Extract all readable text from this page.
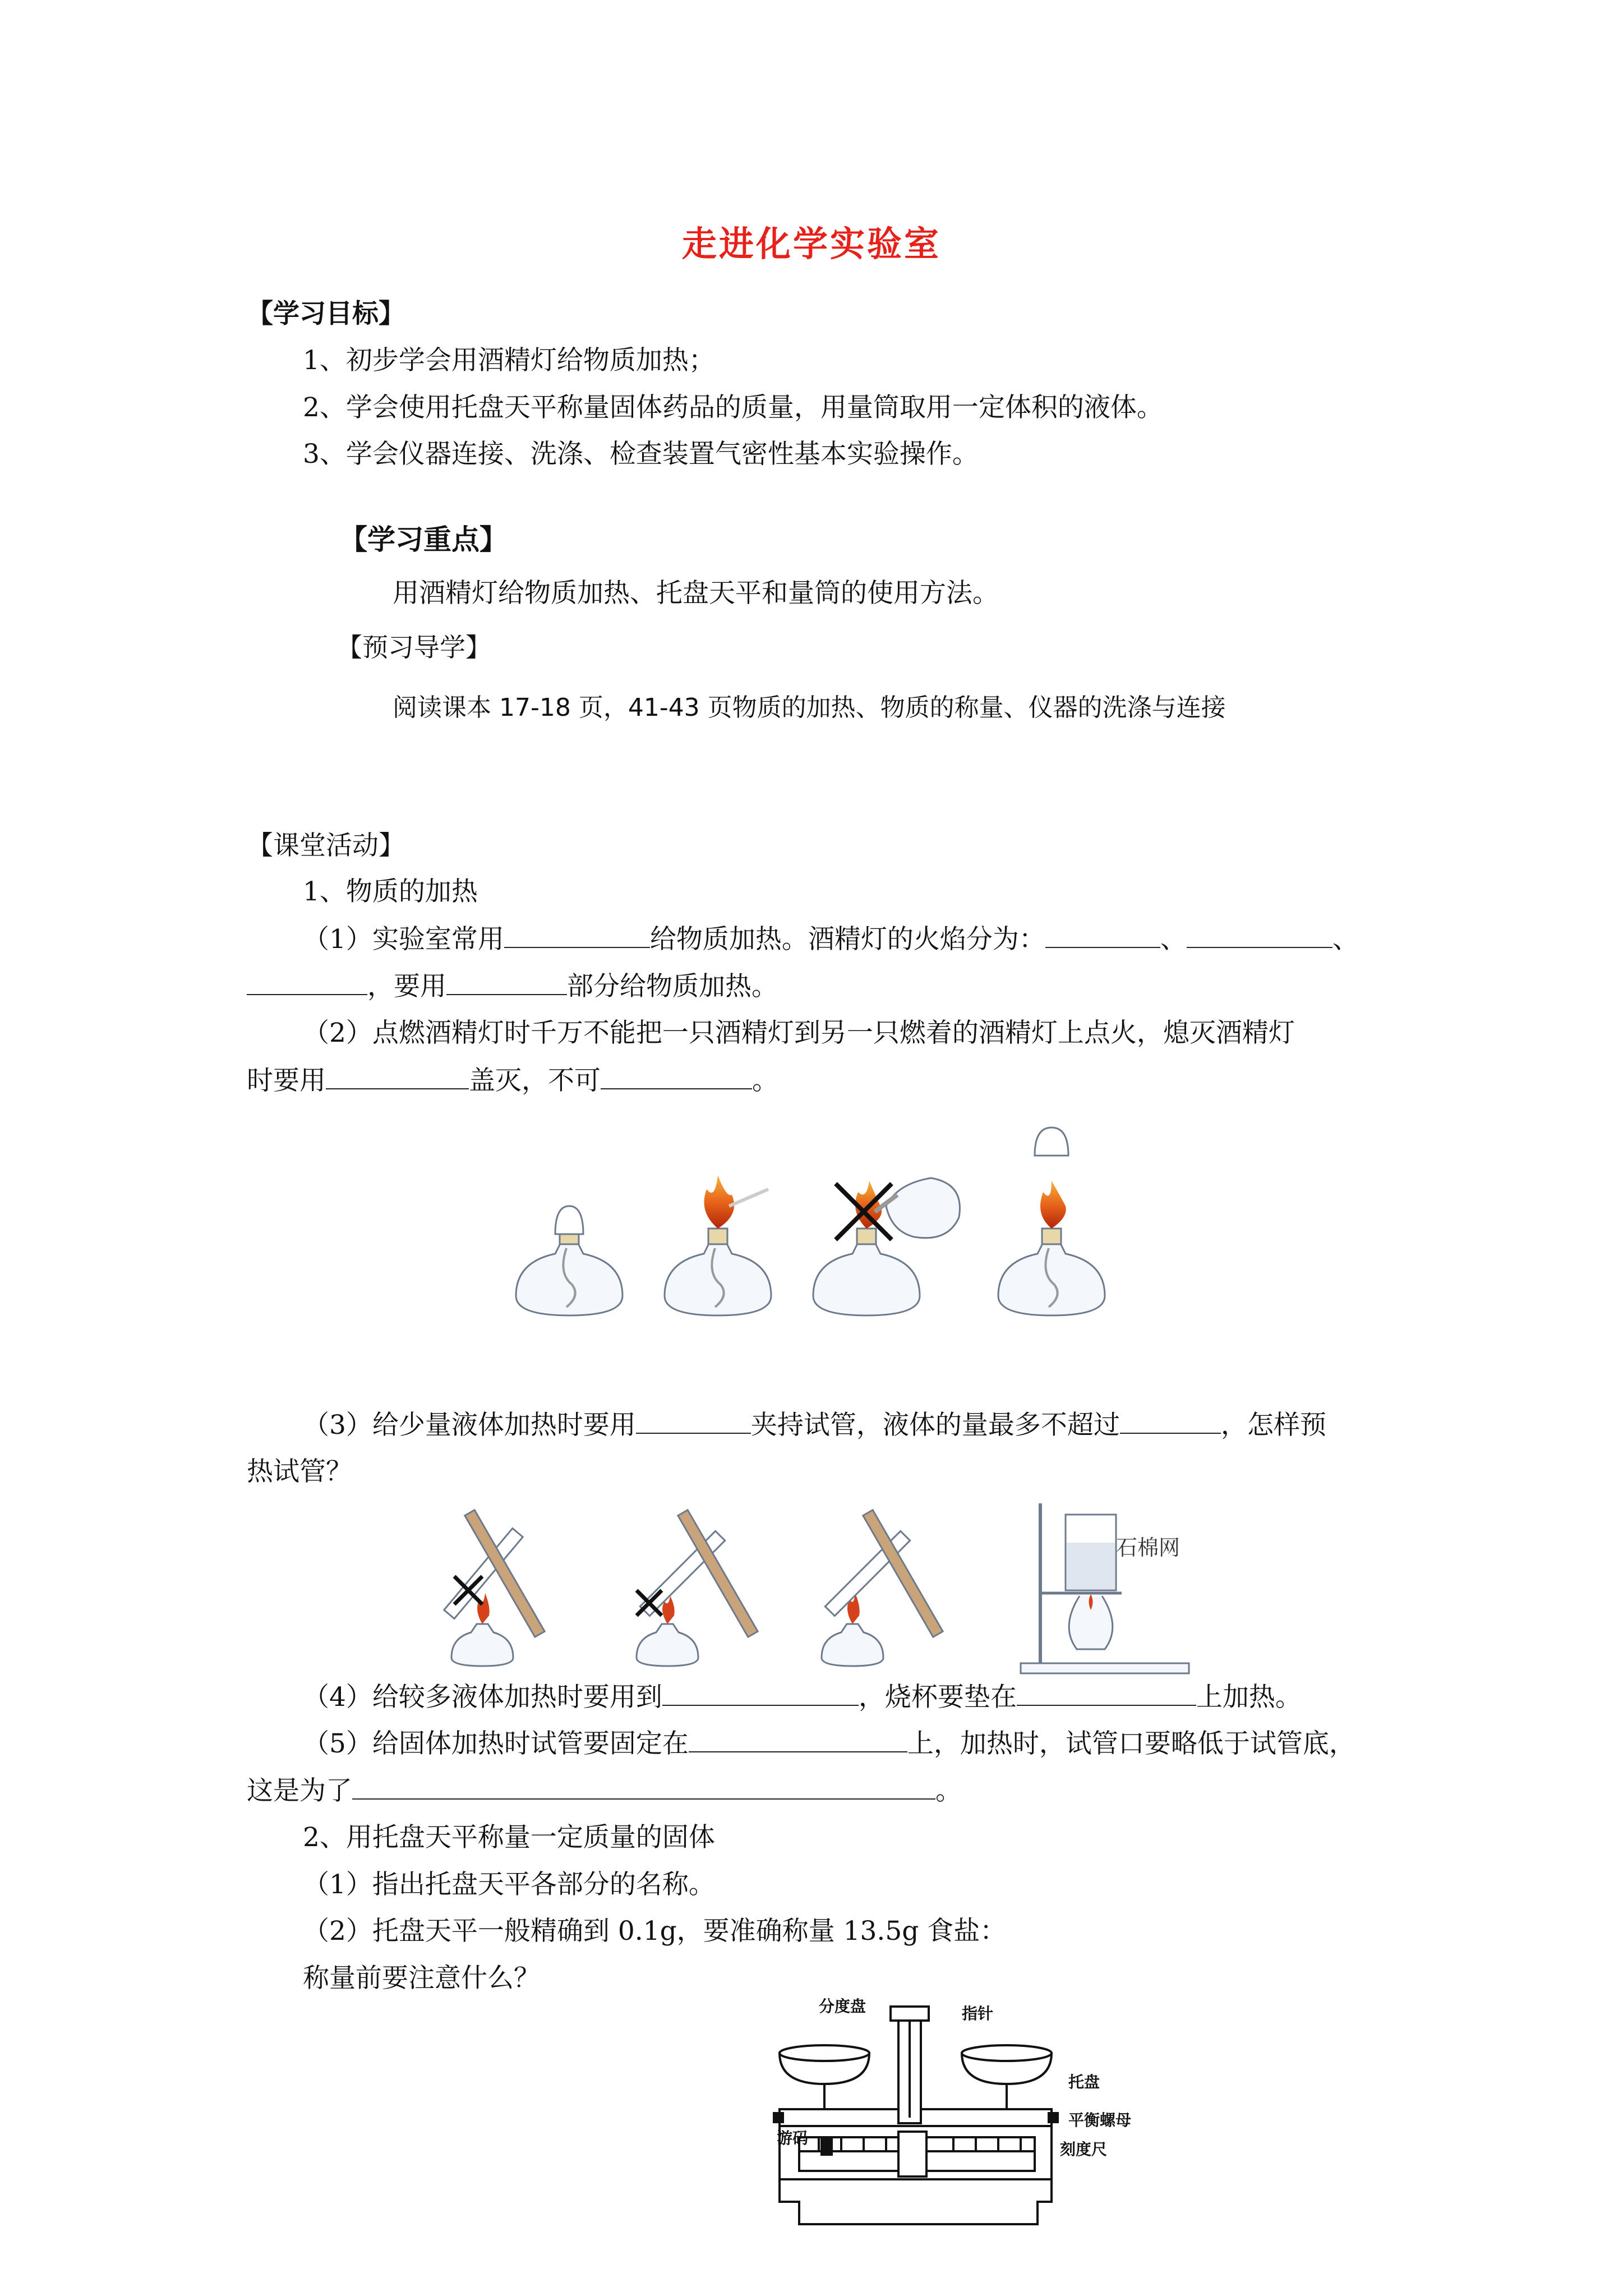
走进化学实验室
【学习目标】
1、初步学会用酒精灯给物质加热；
2、学会使用托盘天平称量固体药品的质量，用量筒取用一定体积的液体。
3、学会仪器连接、洗涤、检查装置气密性基本实验操作。
【学习重点】
用酒精灯给物质加热、托盘天平和量筒的使用方法。
【预习导学】
阅读课本 17-18 页，41-43 页物质的加热、物质的称量、仪器的洗涤与连接
【课堂活动】
1、物质的加热
（1）实验室常用	给物质加热。酒精灯的火焰分为：	、	、
，要用	部分给物质加热。
（2）点燃酒精灯时千万不能把一只酒精灯到另一只燃着的酒精灯上点火，熄灭酒精灯
时要用	盖灭，不可	。
（3）给少量液体加热时要用	夹持试管，液体的量最多不超过	，怎样预
热试管？
石棉网
（4）给较多液体加热时要用到	，烧杯要垫在	上加热。
（5）给固体加热时试管要固定在	上，加热时，试管口要略低于试管底，
这是为了	。
2、用托盘天平称量一定质量的固体
（1）指出托盘天平各部分的名称。
（2）托盘天平一般精确到 0.1g，要准确称量 13.5g 食盐：
称量前要注意什么？
分度盘	指针
托盘
平衡螺母
游码
刻度尺
